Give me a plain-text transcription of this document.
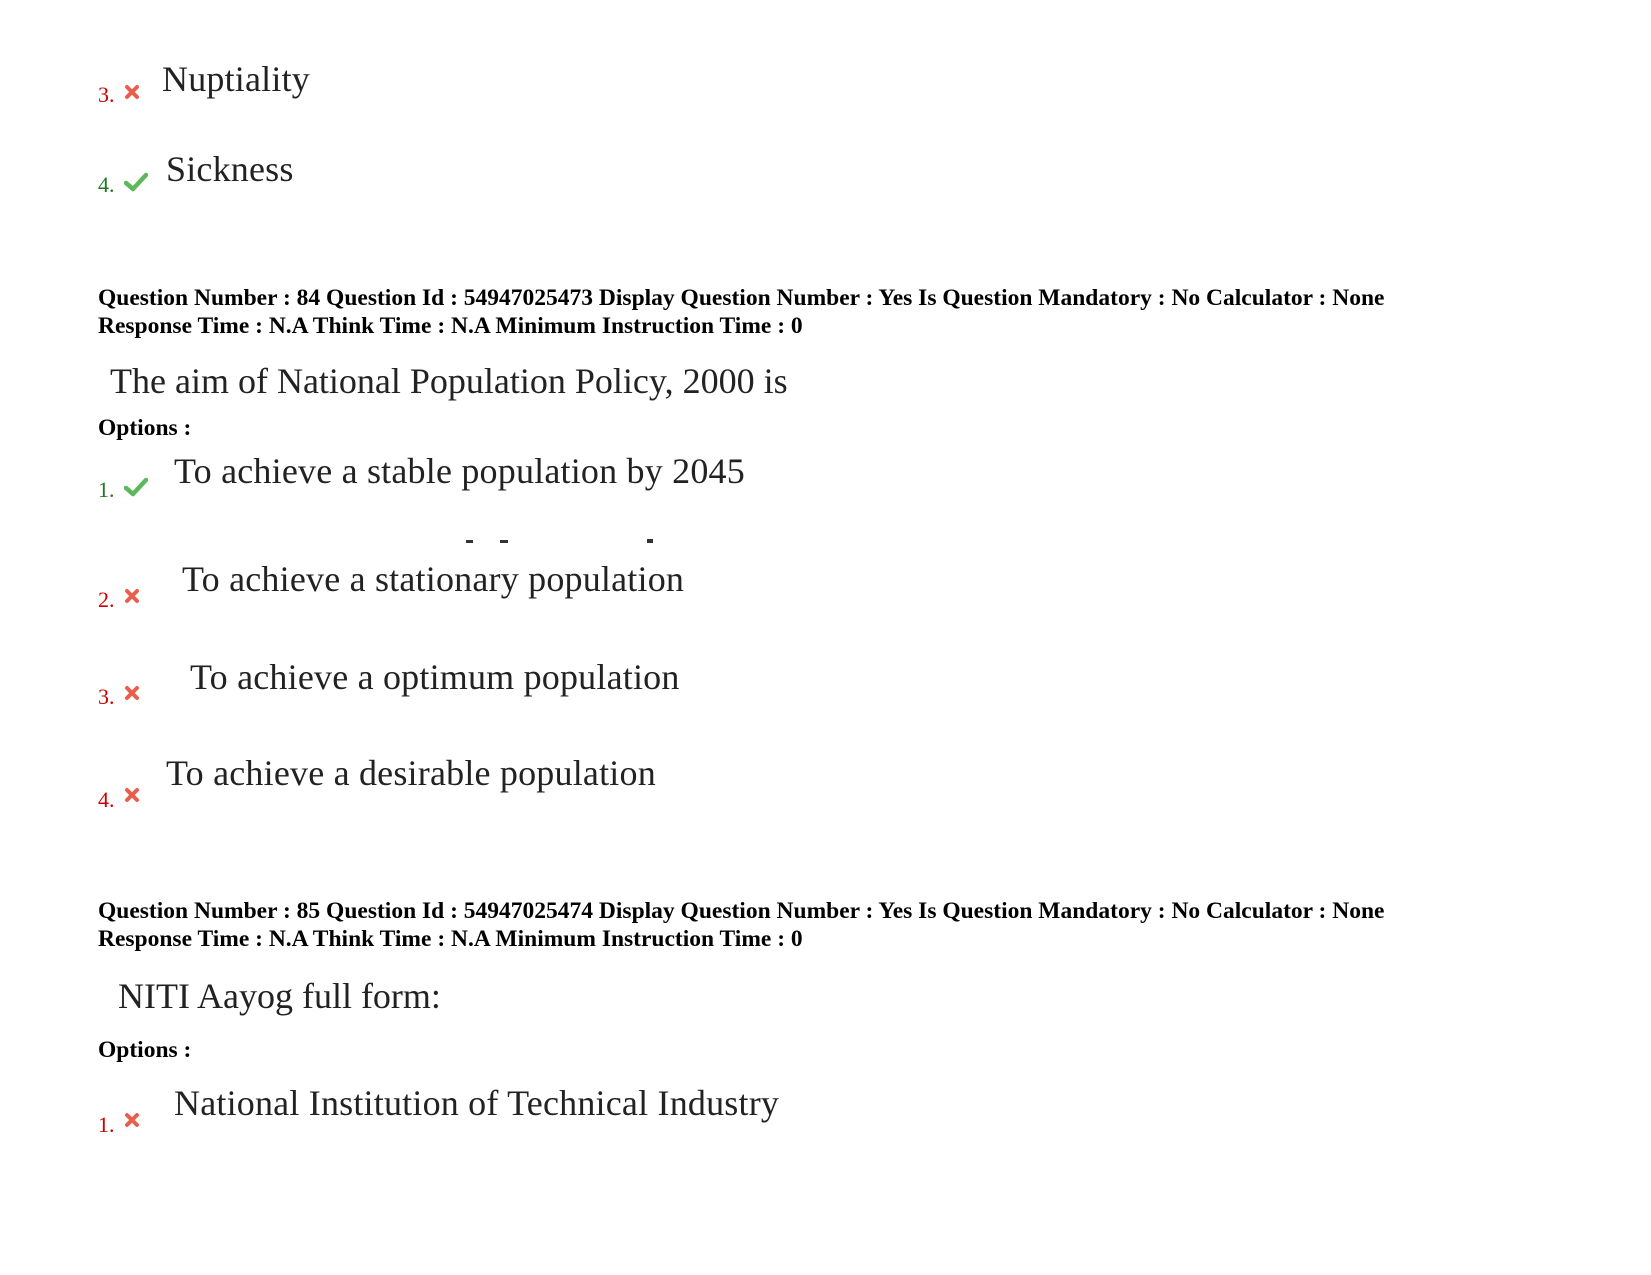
3. Nuptiality
4. Sickness
Question Number : 84 Question Id : 54947025473 Display Question Number : Yes Is Question Mandatory : No Calculator : None
Response Time : N.A Think Time : N.A Minimum Instruction Time : 0
The aim of National Population Policy, 2000 is
Options :
1. To achieve a stable population by 2045
2.
To achieve a stationary population
3. To achieve a optimum population
4.
To achieve a desirable population
Question Number : 85 Question Id : 54947025474 Display Question Number : Yes Is Question Mandatory : No Calculator : None
Response Time : N.A Think Time : N.A Minimum Instruction Time : 0
NITI Aayog full form:
Options :
1.
National Institution of Technical Industry
